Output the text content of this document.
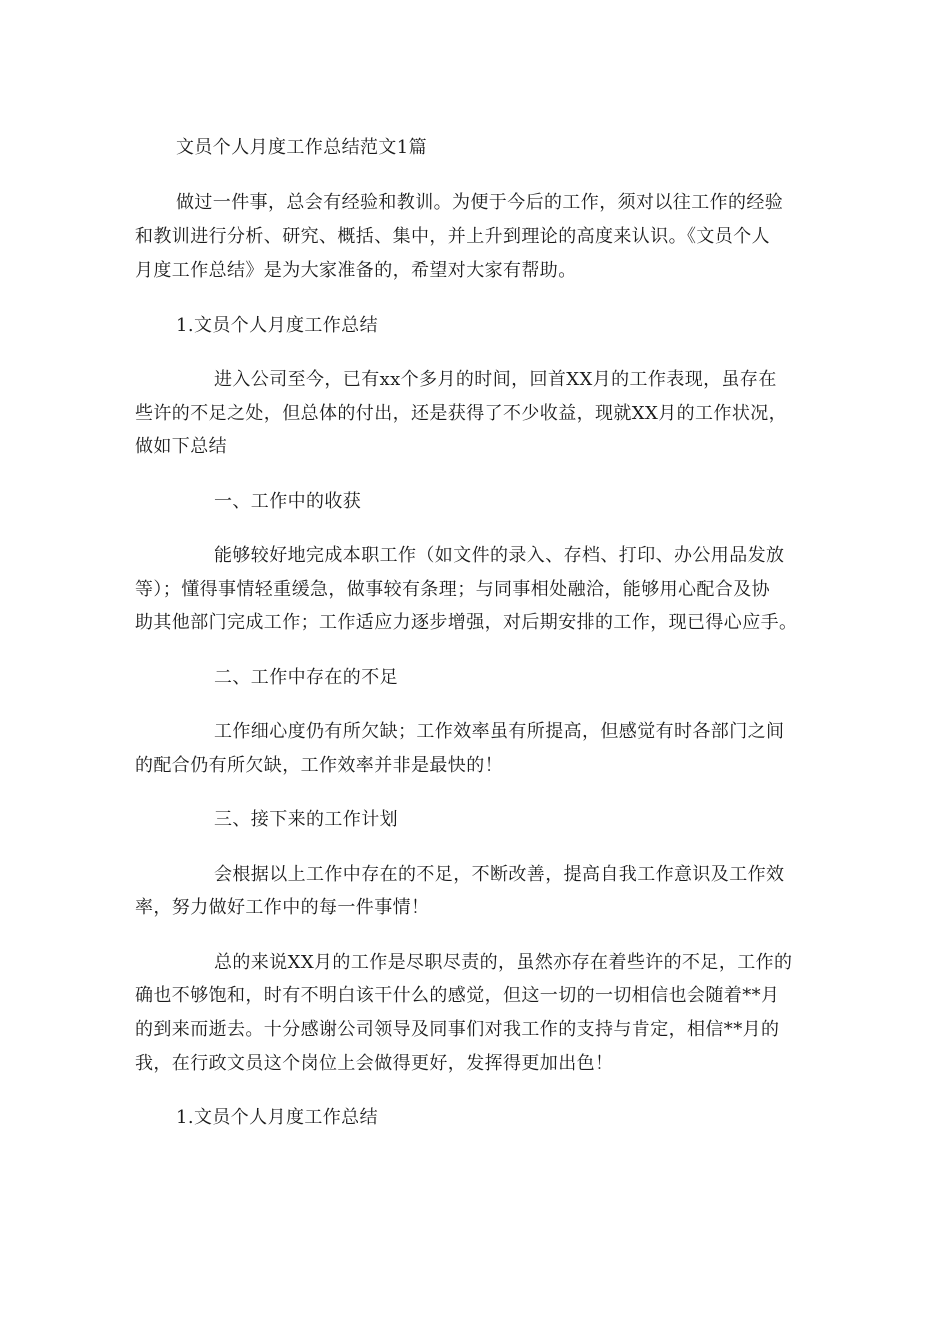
文员个人月度工作总结范文1篇
做过一件事，总会有经验和教训。为便于今后的工作，须对以往工作的经验
和教训进行分析、研究、概括、集中，并上升到理论的高度来认识。《文员个人
月度工作总结》是为大家准备的，希望对大家有帮助。
1.文员个人月度工作总结
进入公司至今，已有xx个多月的时间，回首XX月的工作表现，虽存在
些许的不足之处，但总体的付出，还是获得了不少收益，现就XX月的工作状况，
做如下总结
一、工作中的收获
能够较好地完成本职工作（如文件的录入、存档、打印、办公用品发放
等）；懂得事情轻重缓急，做事较有条理；与同事相处融洽，能够用心配合及协
助其他部门完成工作；工作适应力逐步增强，对后期安排的工作，现已得心应手。
二、工作中存在的不足
工作细心度仍有所欠缺；工作效率虽有所提高，但感觉有时各部门之间
的配合仍有所欠缺，工作效率并非是最快的！
三、接下来的工作计划
会根据以上工作中存在的不足，不断改善，提高自我工作意识及工作效
率，努力做好工作中的每一件事情！
总的来说XX月的工作是尽职尽责的，虽然亦存在着些许的不足，工作的
确也不够饱和，时有不明白该干什么的感觉，但这一切的一切相信也会随着**月
的到来而逝去。十分感谢公司领导及同事们对我工作的支持与肯定，相信**月的
我，在行政文员这个岗位上会做得更好，发挥得更加出色！
1.文员个人月度工作总结
